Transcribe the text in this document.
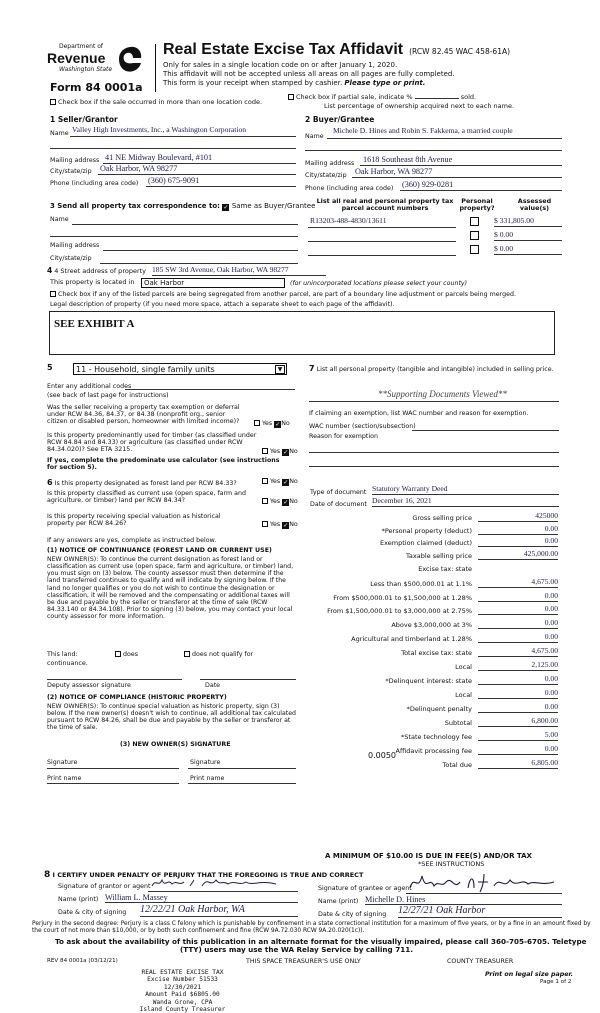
Department of
Revenue
Washington State
Form 84 0001a
Real Estate Excise Tax Affidavit (RCW 82.45 WAC 458-61A)
Only for sales in a single location code on or after January 1, 2020.
This affidavit will not be accepted unless all areas on all pages are fully completed.
This form is your receipt when stamped by cashier. Please type or print.
Check box if the sale occurred in more than one location code.
Check box if partial sale, indicate %	sold.
List percentage of ownership acquired next to each name.
1 Seller/Grantor
Name Valley High Investments, Inc., a Washington Corporation
Mailing address 41 NE Midway Boulevard, #101
City/state/zip Oak Harbor, WA 98277
Phone (including area code) (360) 675-9091
2 Buyer/Grantee
Name
Michele D. Hines and Robin S. Fakkema, a married couple
Mailing address 1618 Southeast 8th Avenue
City/state/zip Oak Harbor, WA 98277
Phone (including area code) (360) 929-0281
3 Send all property tax correspondence to: ✓ Same as Buyer/Grantee
Name
Mailing address
City/state/zip
List all real and personal property tax parcel account numbers
Personal property?
Assessed value(s)
R13203-488-4830/13611	$ 331,805.00
$ 0.00
$ 0.00
4 4 Street address of property 185 SW 3rd Avenue, Oak Harbor, WA 98277
This property is located in	Oak Harbor	(for unincorporated locations please select your county)
Check box if any of the listed parcels are being segregated from another parcel, are part of a boundary line adjustment or parcels being merged.
Legal description of property (if you need more space, attach a separate sheet to each page of the affidavit).
SEE EXHIBIT A
5	11 - Household, single family units	▼
Enter any additional codes
(see back of last page for instructions)
Was the seller receiving a property tax exemption or deferral under RCW 84.36, 84.37, or 84.38 (nonprofit org., senior citizen or disabled person, homeowner with limited income)?	Yes ✓No
Is this property predominantly used for timber (as classified under RCW 84.84 and 84.33) or agriculture (as classified under RCW 84.34.020)? See ETA 3215.	Yes ✓No
If yes, complete the predominate use calculator (see instructions for section 5).
6 Is this property designated as forest land per RCW 84.33?	Yes ✓No
Is this property classified as current use (open space, farm and agriculture, or timber) land per RCW 84.34?	Yes ✓No
Is this property receiving special valuation as historical property per RCW 84.26?	Yes ✓No
If any answers are yes, complete as instructed below.
(1) NOTICE OF CONTINUANCE (FOREST LAND OR CURRENT USE)
NEW OWNER(S): To continue the current designation as forest land or classification as current use (open space, farm and agriculture, or timber) land, you must sign on (3) below. The county assessor must then determine if the land transferred continues to qualify and will indicate by signing below. If the land no longer qualifies or you do not wish to continue the designation or classification, it will be removed and the compensating or additional taxes will be due and payable by the seller or transferor at the time of sale (RCW 84.33.140 or 84.34.108). Prior to signing (3) below, you may contact your local county assessor for more information.
This land:	does	does not qualify for
continuance.
Deputy assessor signature	Date
(2) NOTICE OF COMPLIANCE (HISTORIC PROPERTY)
NEW OWNER(S): To continue special valuation as historic property, sign (3) below. If the new owner(s) doesn't wish to continue, all additional tax calculated pursuant to RCW 84.26, shall be due and payable by the seller or transferor at the time of sale.
(3) NEW OWNER(S) SIGNATURE
Signature	Signature
Print name	Print name
7 List all personal property (tangible and intangible) included in selling price.
**Supporting Documents Viewed**
If claiming an exemption, list WAC number and reason for exemption.
WAC number (section/subsection)
Reason for exemption
Type of document Statutory Warranty Deed
Date of document December 16, 2021
Gross selling price	425000
*Personal property (deduct)	0.00
Exemption claimed (deduct)	0.00
Taxable selling price	425,000.00
Excise tax: state
Less than $500,000.01 at 1.1%	4,675.00
From $500,000.01 to $1,500,000 at 1.28%	0.00
From $1,500,000.01 to $3,000,000 at 2.75%	0.00
Above $3,000,000 at 3%	0.00
Agricultural and timberland at 1.28%	0.00
Total excise tax: state	4,675.00
Local	2,125.00
*Delinquent interest: state	0.00
Local	0.00
*Delinquent penalty	0.00
Subtotal	6,800.00
*State technology fee	5.00
Affidavit processing fee	0.00
Total due	6,805.00
0.0050
A MINIMUM OF $10.00 IS DUE IN FEE(S) AND/OR TAX
*SEE INSTRUCTIONS
8 I CERTIFY UNDER PENALTY OF PERJURY THAT THE FOREGOING IS TRUE AND CORRECT
Signature of grantor or agent
Name (print) William L. Massey
Date & city of signing 12/22/21 Oak Harbor, WA
Signature of grantee or agent
Name (print) Michelle D. Hines
Date & city of signing 12/27/21 Oak Harbor
Perjury in the second degree: Perjury is a class C felony which is punishable by confinement in a state correctional institution for a maximum of five years, or by a fine in an amount fixed by the court of not more than $10,000, or by both such confinement and fine (RCW 9A.72.030 RCW 9A.20.020(1c)).
To ask about the availability of this publication in an alternate format for the visually impaired, please call 360-705-6705. Teletype
(TTY) users may use the WA Relay Service by calling 711.
REV 84 0001a (03/12/21)	THIS SPACE TREASURER'S USE ONLY	COUNTY TREASURER
REAL ESTATE EXCISE TAX
Excise Number 51533
12/30/2021
Amount Paid $6805.00
Wanda Grone, CPA
Island County Treasurer
Print on legal size paper.
Page 1 of 2
